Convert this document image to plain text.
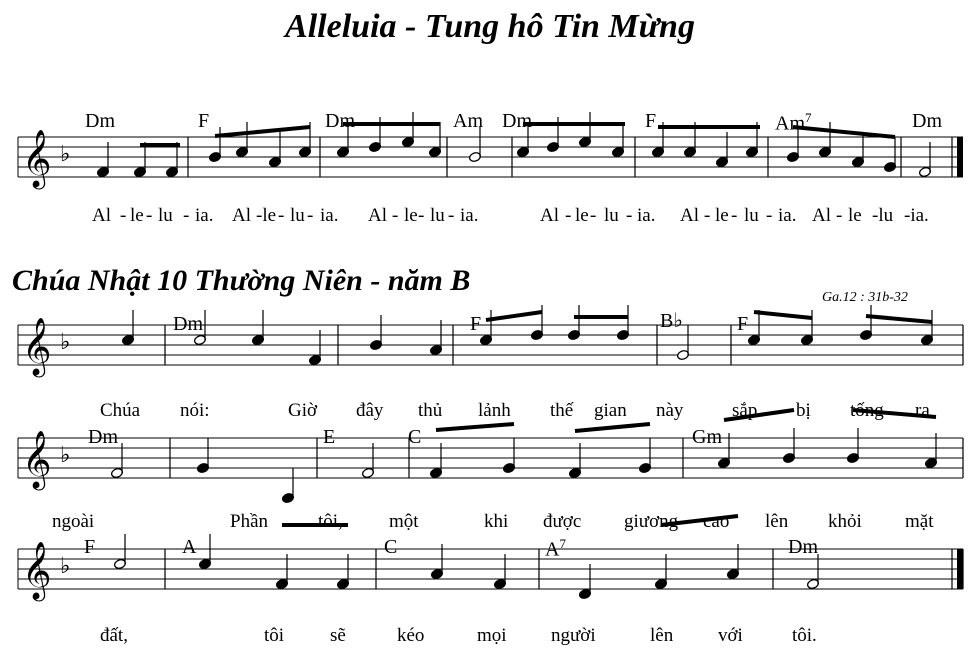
Alleluia - Tung hô Tin Mừng
Chúa Nhật 10 Thường Niên - năm B
Ga.12 : 31b-32
𝄞 ♭
𝄞 ♭
𝄞 ♭
𝄞 ♭
Dm	F	Dm	Am Dm	F	Am$^7$	Dm
Al - le - lu - ia. Al -le - lu - ia. Al - le - lu - ia.	Al - le - lu - ia. Al - le - lu - ia. Al - le -lu -ia.
Dm	F	B♭	F
Chúa nói:	Giờ đây thủ lảnh thế gian này	sắp bị tống ra
Dm	E	C	Gm
ngoài	Phần	tôi, một	khi được giương cao lên khỏi mặt
F	A	C	$A^7$	Dm
đất,	tôi sẽ	kéo	mọi người	lên với	tôi.
